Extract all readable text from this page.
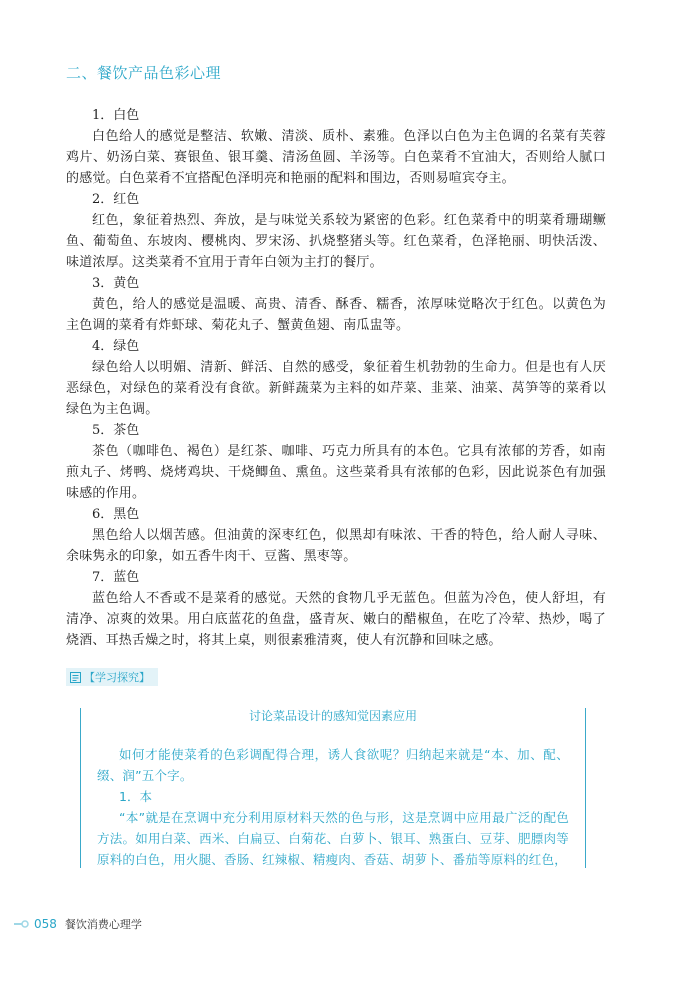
二、餐饮产品色彩心理

1．白色

白色给人的感觉是整洁、软嫩、清淡、质朴、素雅。色泽以白色为主色调的名菜有芙蓉鸡片、奶汤白菜、赛银鱼、银耳羹、清汤鱼圆、羊汤等。白色菜肴不宜油大，否则给人腻口的感觉。白色菜肴不宜搭配色泽明亮和艳丽的配料和围边，否则易喧宾夺主。

2．红色

红色，象征着热烈、奔放，是与味觉关系较为紧密的色彩。红色菜肴中的明菜肴珊瑚鳜鱼、葡萄鱼、东坡肉、樱桃肉、罗宋汤、扒烧整猪头等。红色菜肴，色泽艳丽、明快活泼、味道浓厚。这类菜肴不宜用于青年白领为主打的餐厅。

3．黄色

黄色，给人的感觉是温暖、高贵、清香、酥香、糯香，浓厚味觉略次于红色。以黄色为主色调的菜肴有炸虾球、菊花丸子、蟹黄鱼翅、南瓜盅等。

4．绿色

绿色给人以明媚、清新、鲜活、自然的感受，象征着生机勃勃的生命力。但是也有人厌恶绿色，对绿色的菜肴没有食欲。新鲜蔬菜为主料的如芹菜、韭菜、油菜、莴笋等的菜肴以绿色为主色调。

5．茶色

茶色（咖啡色、褐色）是红茶、咖啡、巧克力所具有的本色。它具有浓郁的芳香，如南煎丸子、烤鸭、烧烤鸡块、干烧鲫鱼、熏鱼。这些菜肴具有浓郁的色彩，因此说茶色有加强味感的作用。

6．黑色

黑色给人以烟苦感。但油黄的深枣红色，似黑却有味浓、干香的特色，给人耐人寻味、余味隽永的印象，如五香牛肉干、豆酱、黑枣等。

7．蓝色

蓝色给人不香或不是菜肴的感觉。天然的食物几乎无蓝色。但蓝为冷色，使人舒坦，有清净、凉爽的效果。用白底蓝花的鱼盘，盛青灰、嫩白的醋椒鱼，在吃了冷荤、热炒，喝了烧酒、耳热舌燥之时，将其上桌，则很素雅清爽，使人有沉静和回味之感。

【学习探究】

讨论菜品设计的感知觉因素应用

如何才能使菜肴的色彩调配得合理，诱人食欲呢？归纳起来就是“本、加、配、缀、润”五个字。

1．本

“本”就是在烹调中充分利用原材料天然的色与形，这是烹调中应用最广泛的配色方法。如用白菜、西米、白扁豆、白菊花、白萝卜、银耳、熟蛋白、豆芽、肥膘肉等原料的白色，用火腿、香肠、红辣椒、精瘦肉、香菇、胡萝卜、番茄等原料的红色，

058 餐饮消费心理学
